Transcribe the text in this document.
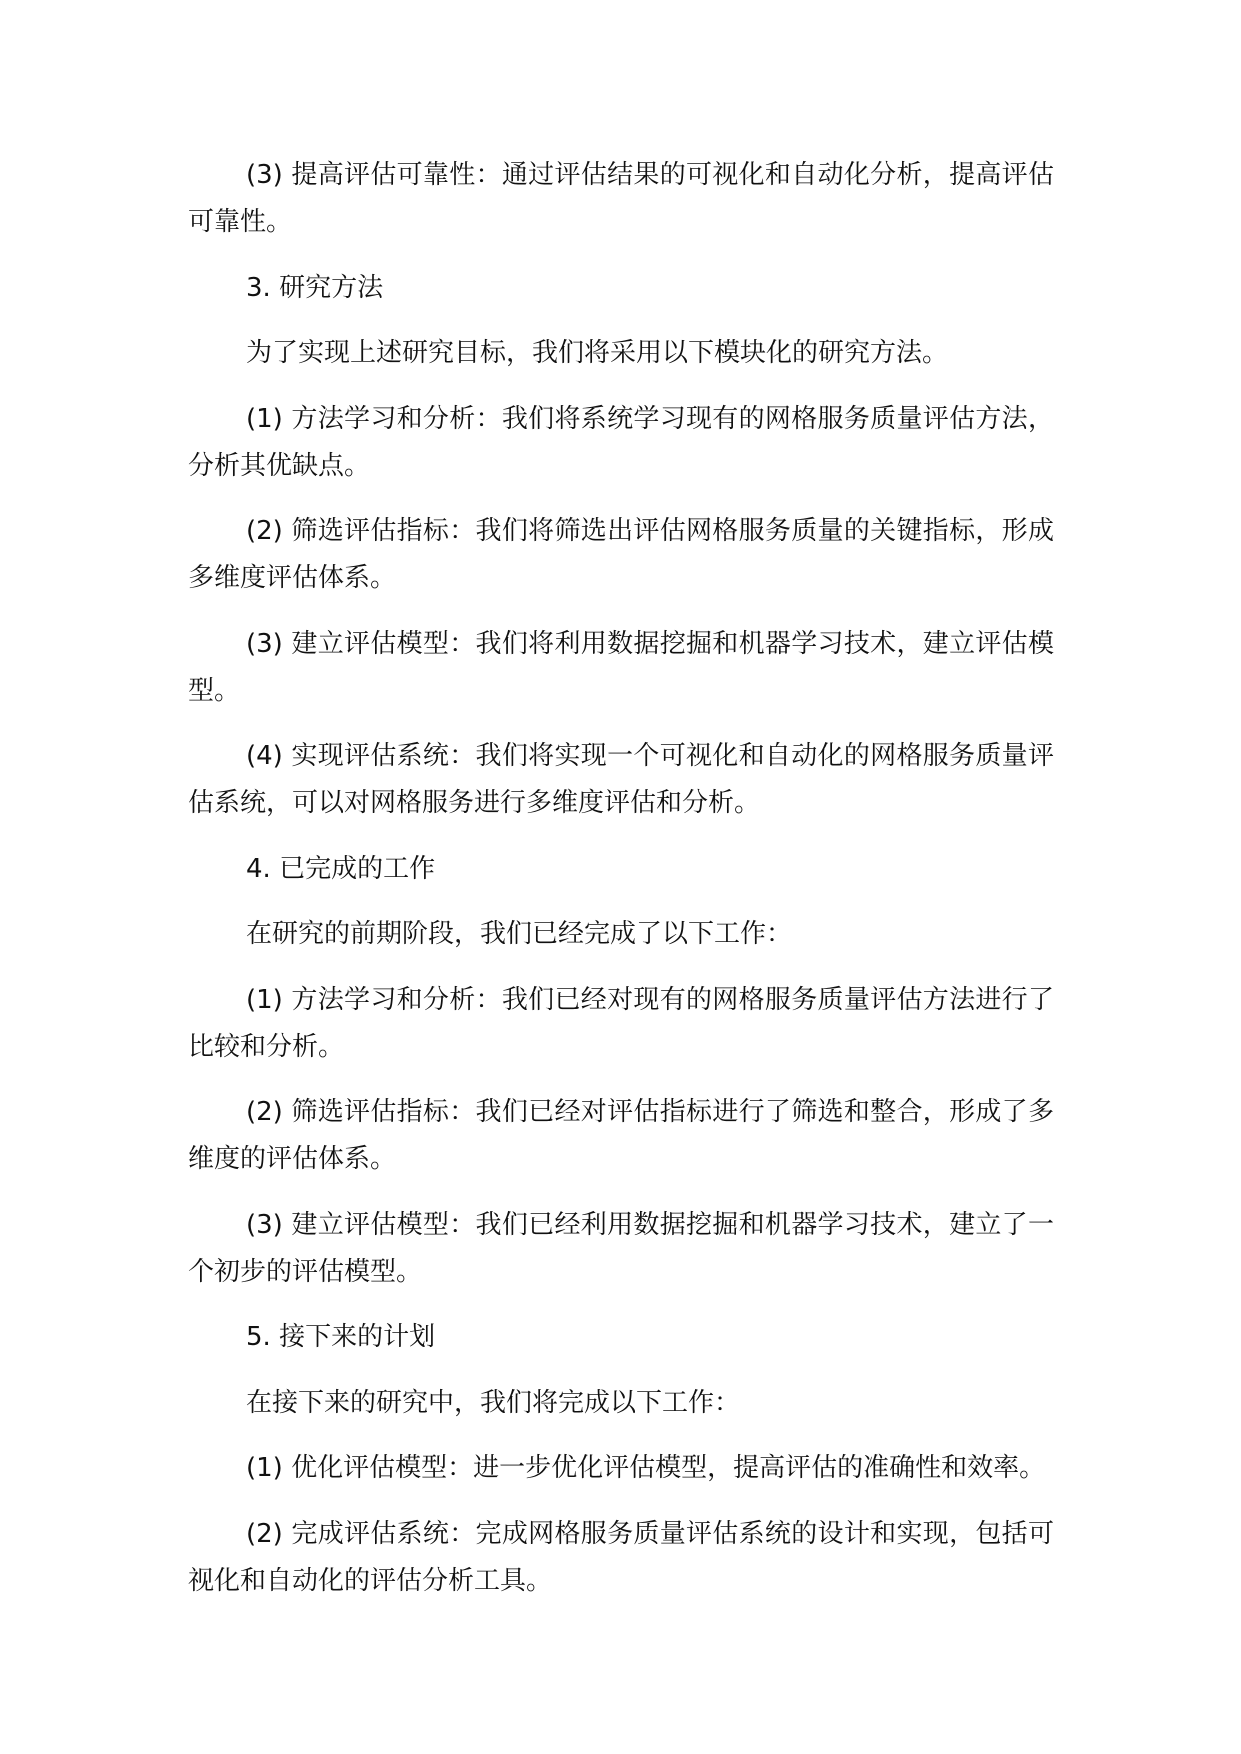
(3) 提高评估可靠性：通过评估结果的可视化和自动化分析，提高评估可靠性。

3. 研究方法

为了实现上述研究目标，我们将采用以下模块化的研究方法。

(1) 方法学习和分析：我们将系统学习现有的网格服务质量评估方法，分析其优缺点。

(2) 筛选评估指标：我们将筛选出评估网格服务质量的关键指标，形成多维度评估体系。

(3) 建立评估模型：我们将利用数据挖掘和机器学习技术，建立评估模型。

(4) 实现评估系统：我们将实现一个可视化和自动化的网格服务质量评估系统，可以对网格服务进行多维度评估和分析。

4. 已完成的工作

在研究的前期阶段，我们已经完成了以下工作：

(1) 方法学习和分析：我们已经对现有的网格服务质量评估方法进行了比较和分析。

(2) 筛选评估指标：我们已经对评估指标进行了筛选和整合，形成了多维度的评估体系。

(3) 建立评估模型：我们已经利用数据挖掘和机器学习技术，建立了一个初步的评估模型。

5. 接下来的计划

在接下来的研究中，我们将完成以下工作：

(1) 优化评估模型：进一步优化评估模型，提高评估的准确性和效率。

(2) 完成评估系统：完成网格服务质量评估系统的设计和实现，包括可视化和自动化的评估分析工具。
